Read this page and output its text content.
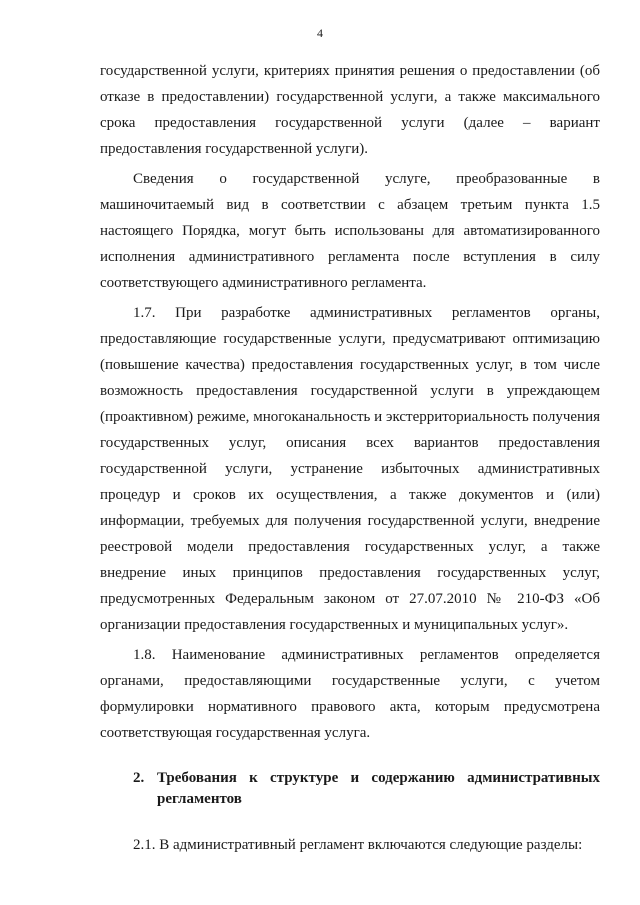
4

государственной услуги, критериях принятия решения о предоставлении (об отказе в предоставлении) государственной услуги, а также максимального срока предоставления государственной услуги (далее – вариант предоставления государственной услуги).

Сведения о государственной услуге, преобразованные в машиночитаемый вид в соответствии с абзацем третьим пункта 1.5 настоящего Порядка, могут быть использованы для автоматизированного исполнения административного регламента после вступления в силу соответствующего административного регламента.

1.7. При разработке административных регламентов органы, предоставляющие государственные услуги, предусматривают оптимизацию (повышение качества) предоставления государственных услуг, в том числе возможность предоставления государственной услуги в упреждающем (проактивном) режиме, многоканальность и экстерриториальность получения государственных услуг, описания всех вариантов предоставления государственной услуги, устранение избыточных административных процедур и сроков их осуществления, а также документов и (или) информации, требуемых для получения государственной услуги, внедрение реестровой модели предоставления государственных услуг, а также внедрение иных принципов предоставления государственных услуг, предусмотренных Федеральным законом от 27.07.2010 № 210-ФЗ «Об организации предоставления государственных и муниципальных услуг».

1.8. Наименование административных регламентов определяется органами, предоставляющими государственные услуги, с учетом формулировки нормативного правового акта, которым предусмотрена соответствующая государственная услуга.

2. Требования к структуре и содержанию административных регламентов

2.1. В административный регламент включаются следующие разделы:
